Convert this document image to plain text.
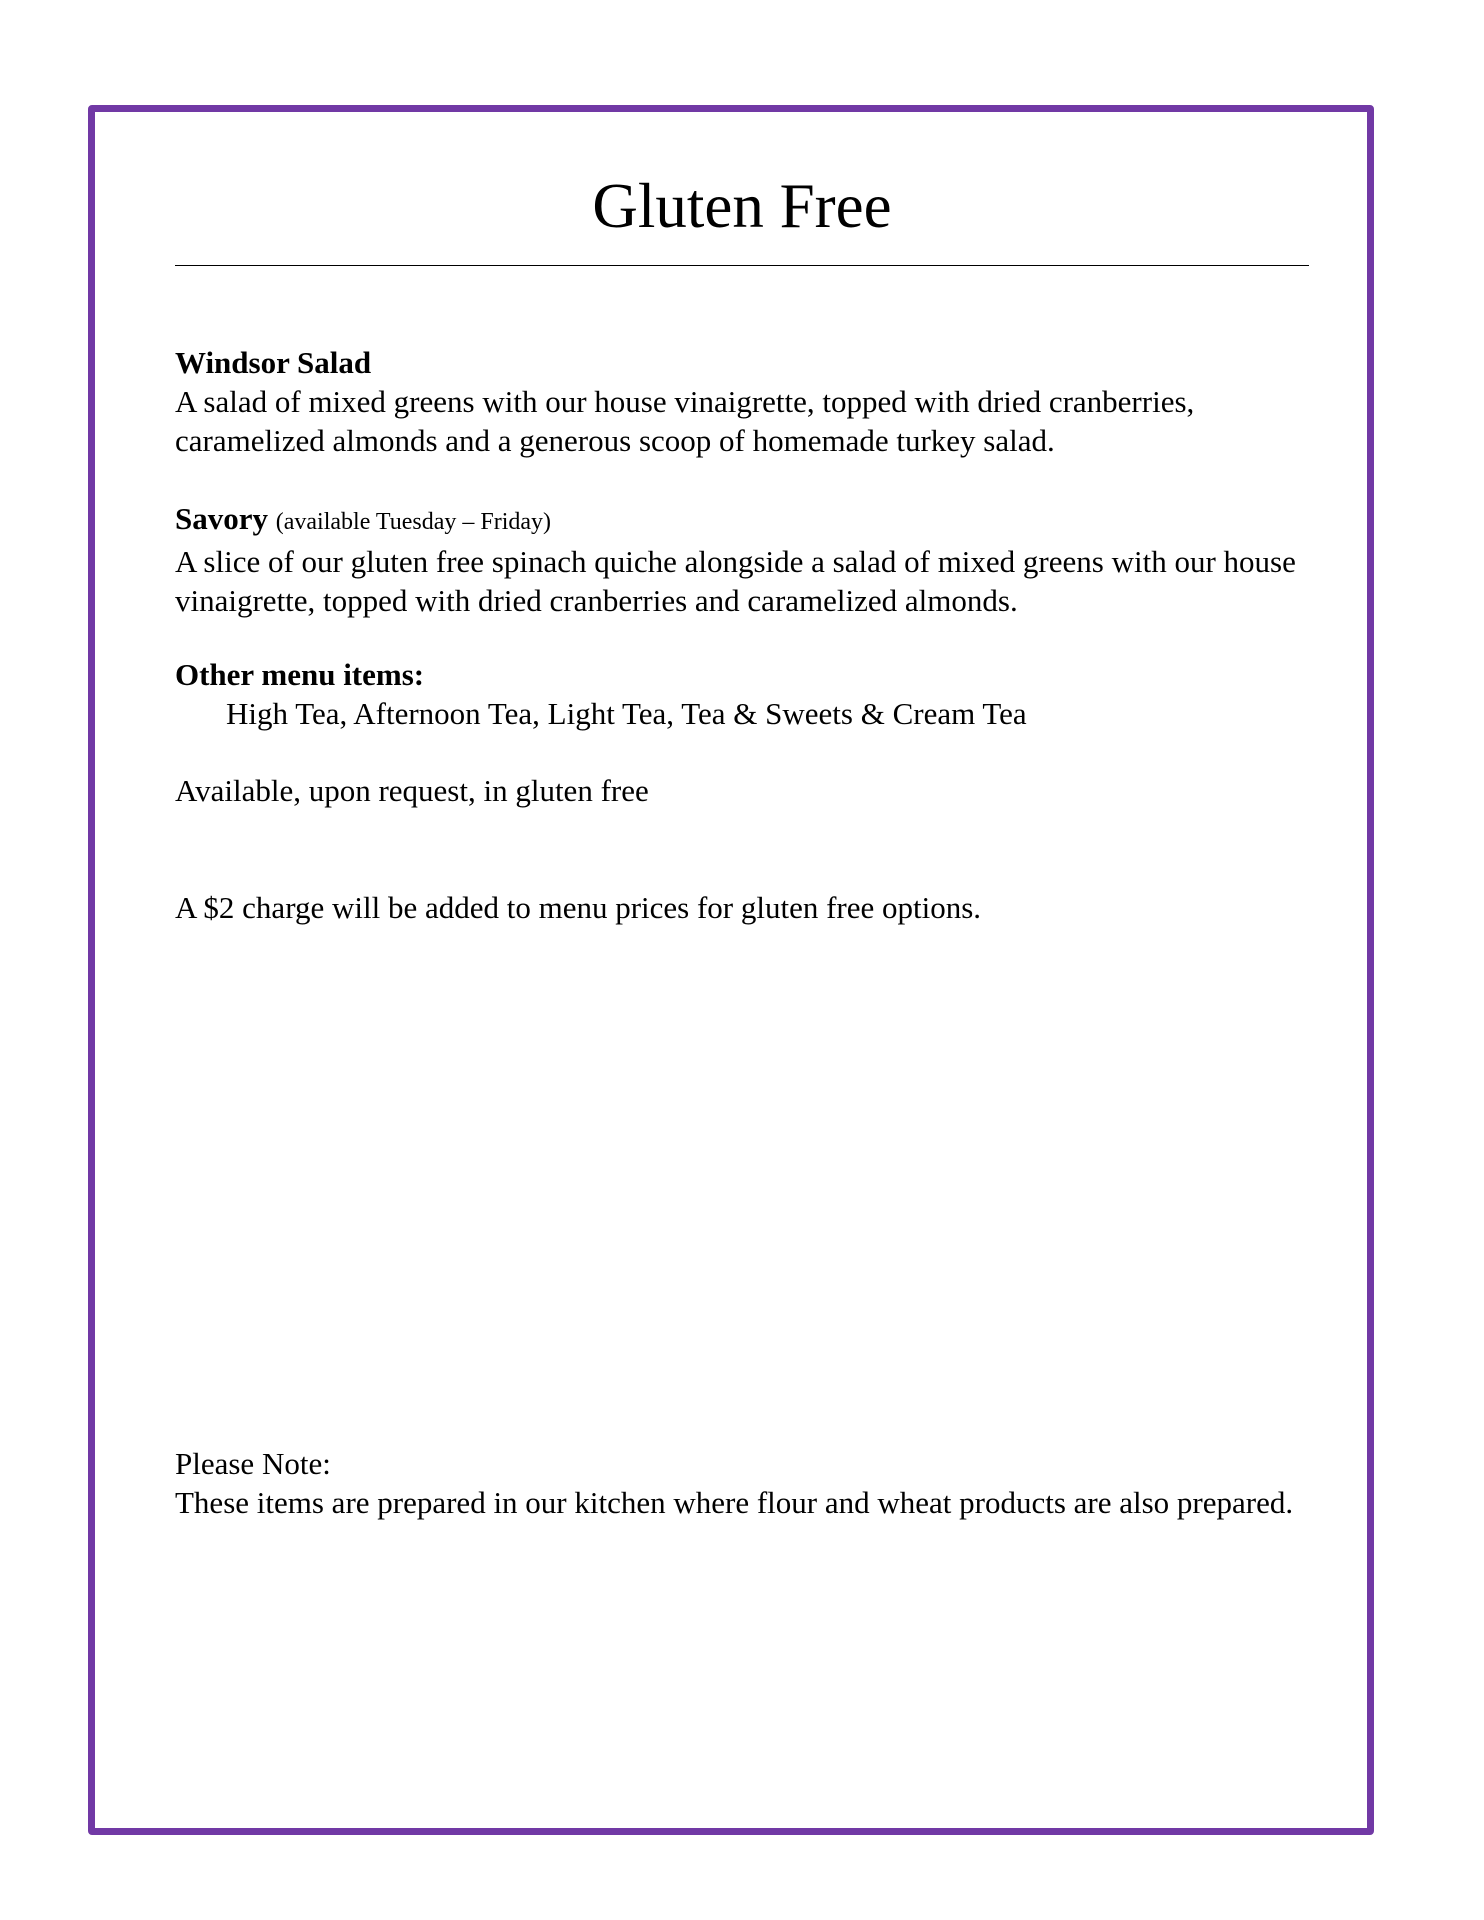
Gluten Free
Windsor Salad
A salad of mixed greens with our house vinaigrette, topped with dried cranberries, caramelized almonds and a generous scoop of homemade turkey salad.
Savory (available Tuesday – Friday)
A slice of our gluten free spinach quiche alongside a salad of mixed greens with our house vinaigrette, topped with dried cranberries and caramelized almonds.
Other menu items:
High Tea, Afternoon Tea, Light Tea, Tea & Sweets & Cream Tea
Available, upon request, in gluten free
A $2 charge will be added to menu prices for gluten free options.
Please Note:
These items are prepared in our kitchen where flour and wheat products are also prepared.
